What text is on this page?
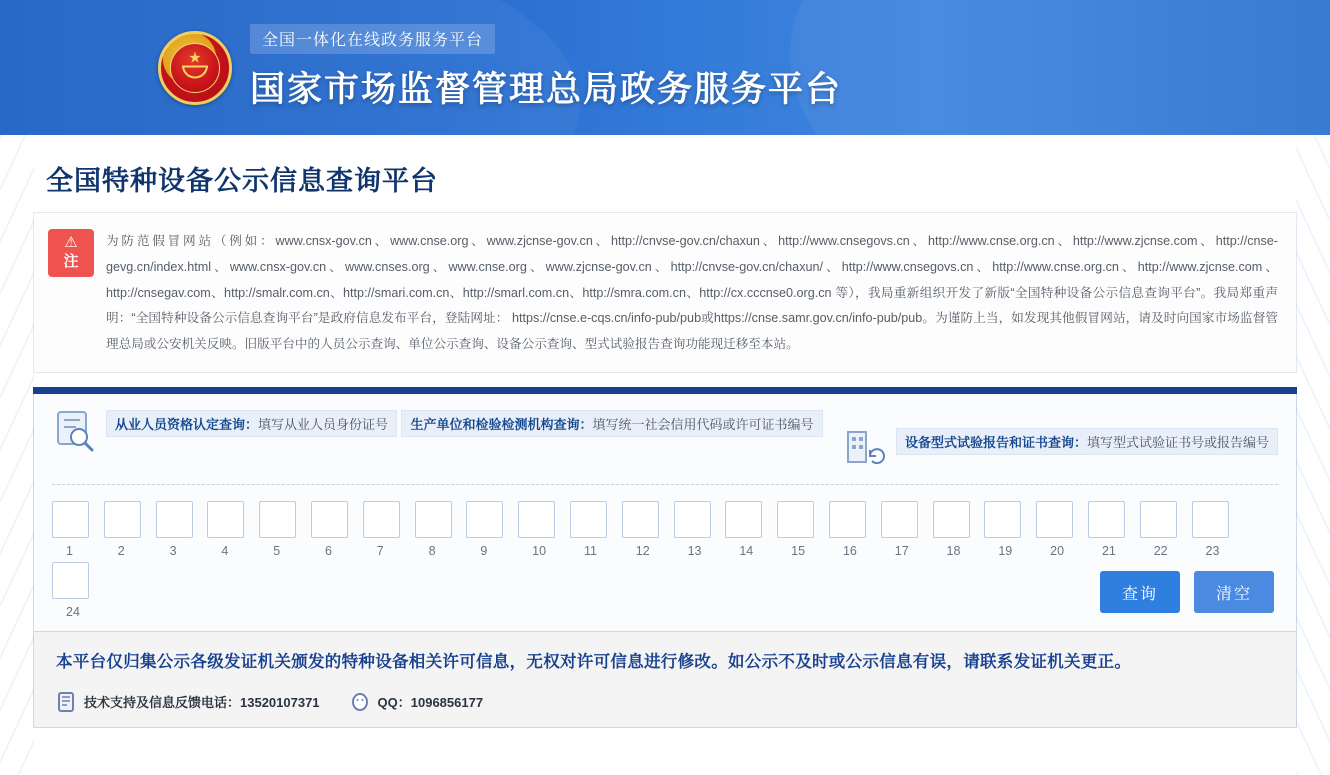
★
全国一体化在线政务服务平台
国家市场监督管理总局政务服务平台
全国特种设备公示信息查询平台
⚠
注
为防范假冒网站（例如：www.cnsx-gov.cn、www.cnse.org、www.zjcnse-gov.cn、http://cnvse-gov.cn/chaxun、http://www.cnsegovs.cn、http://www.cnse.org.cn、http://www.zjcnse.com、http://cnse-gevg.cn/index.html、www.cnsx-gov.cn、www.cnses.org、www.cnse.org、www.zjcnse-gov.cn、http://cnvse-gov.cn/chaxun/、http://www.cnsegovs.cn、http://www.cnse.org.cn、http://www.zjcnse.com、http://cnsegav.com、http://smalr.com.cn、http://smari.com.cn、http://smarl.com.cn、http://smra.com.cn、http://cx.cccnse0.org.cn 等），我局重新组织开发了新版“全国特种设备公示信息查询平台”。我局郑重声明：“全国特种设备公示信息查询平台”是政府信息发布平台，登陆网址： https://cnse.e-cqs.cn/info-pub/pub或https://cnse.samr.gov.cn/info-pub/pub。为谨防上当，如发现其他假冒网站，请及时向国家市场监督管理总局或公安机关反映。旧版平台中的人员公示查询、单位公示查询、设备公示查询、型式试验报告查询功能现迁移至本站。
从业人员资格认定查询：填写从业人员身份证号 生产单位和检验检测机构查询：填写统一社会信用代码或许可证书编号
设备型式试验报告和证书查询：填写型式试验证书号或报告编号
1	2	3	4	5	6	7	8	9	10	11	12	13	14	15	16	17	18	19	20	21	22	23
24
查询	清空
本平台仅归集公示各级发证机关颁发的特种设备相关许可信息，无权对许可信息进行修改。如公示不及时或公示信息有误，请联系发证机关更正。
技术支持及信息反馈电话：13520107371	QQ：1096856177
